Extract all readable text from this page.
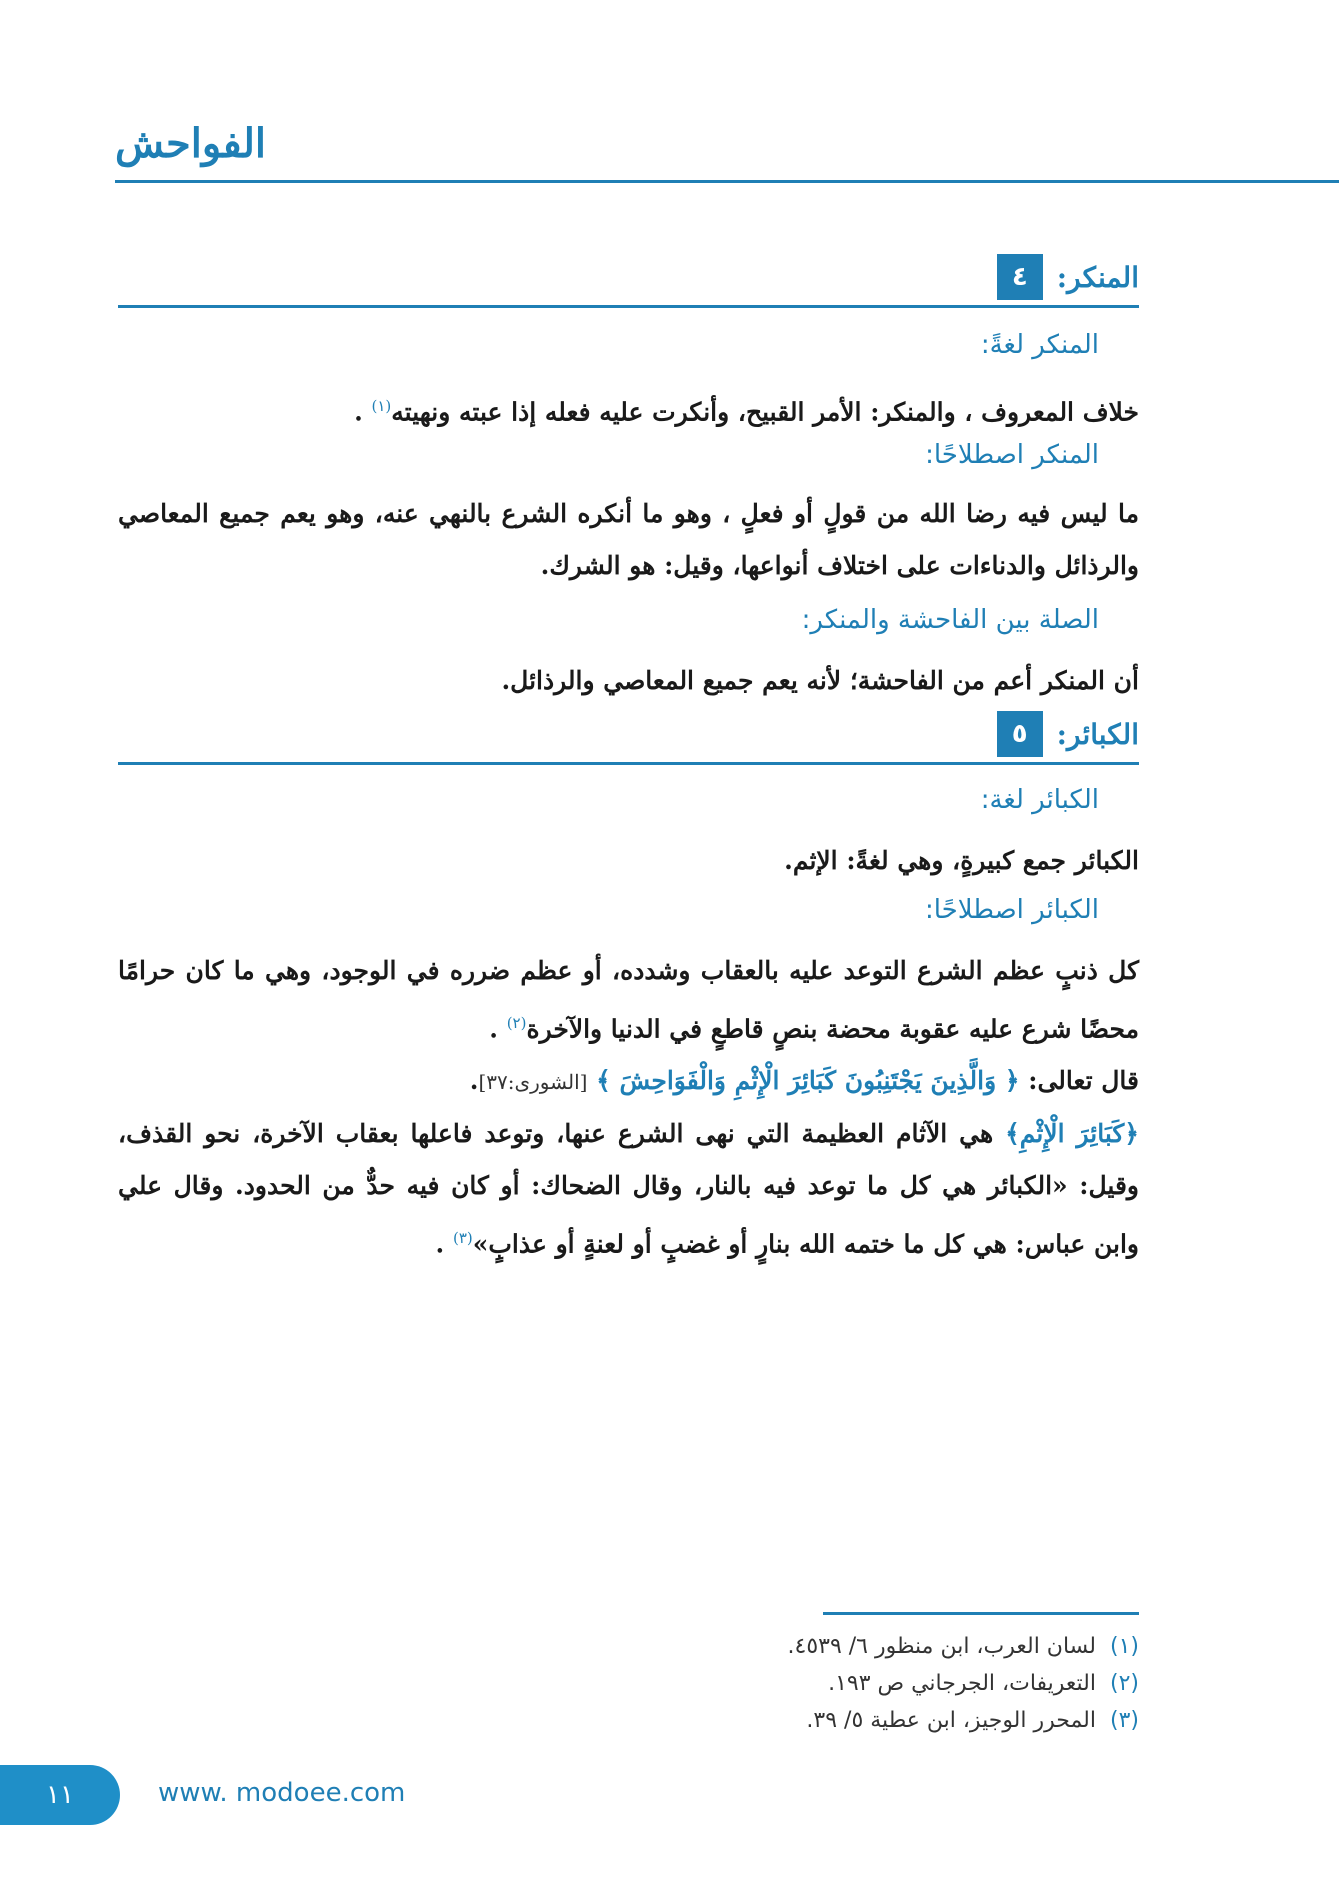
الفواحش
٤	المنكر:
المنكر لغةً:

خلاف المعروف ، والمنكر: الأمر القبيح، وأنكرت عليه فعله إذا عبته ونهيته$^{(١)}$ .

المنكر اصطلاحًا:

ما ليس فيه رضا الله من قولٍ أو فعلٍ ، وهو ما أنكره الشرع بالنهي عنه، وهو يعم جميع المعاصي والرذائل والدناءات على اختلاف أنواعها، وقيل: هو الشرك.

الصلة بين الفاحشة والمنكر:

أن المنكر أعم من الفاحشة؛ لأنه يعم جميع المعاصي والرذائل.

٥	الكبائر:
الكبائر لغة:

الكبائر جمع كبيرةٍ، وهي لغةً: الإثم.

الكبائر اصطلاحًا:

كل ذنبٍ عظم الشرع التوعد عليه بالعقاب وشدده، أو عظم ضرره في الوجود، وهي ما كان حرامًا محضًا شرع عليه عقوبة محضة بنصٍ قاطعٍ في الدنيا والآخرة$^{(٢)}$ .

قال تعالى: ﴿ وَالَّذِينَ يَجْتَنِبُونَ كَبَائِرَ الْإِثْمِ وَالْفَوَاحِشَ ﴾ [الشورى:٣٧].

﴿كَبَائِرَ الْإِثْمِ﴾ هي الآثام العظيمة التي نهى الشرع عنها، وتوعد فاعلها بعقاب الآخرة، نحو القذف، وقيل: «الكبائر هي كل ما توعد فيه بالنار، وقال الضحاك: أو كان فيه حدٌّ من الحدود. وقال علي وابن عباس: هي كل ما ختمه الله بنارٍ أو غضبٍ أو لعنةٍ أو عذابٍ»$^{(٣)}$ .

(١)لسان العرب، ابن منظور ٦/ ٤٥٣٩.
(٢)التعريفات، الجرجاني ص ١٩٣.
(٣)المحرر الوجيز، ابن عطية ٥/ ٣٩.
١١	www. modoee.com
